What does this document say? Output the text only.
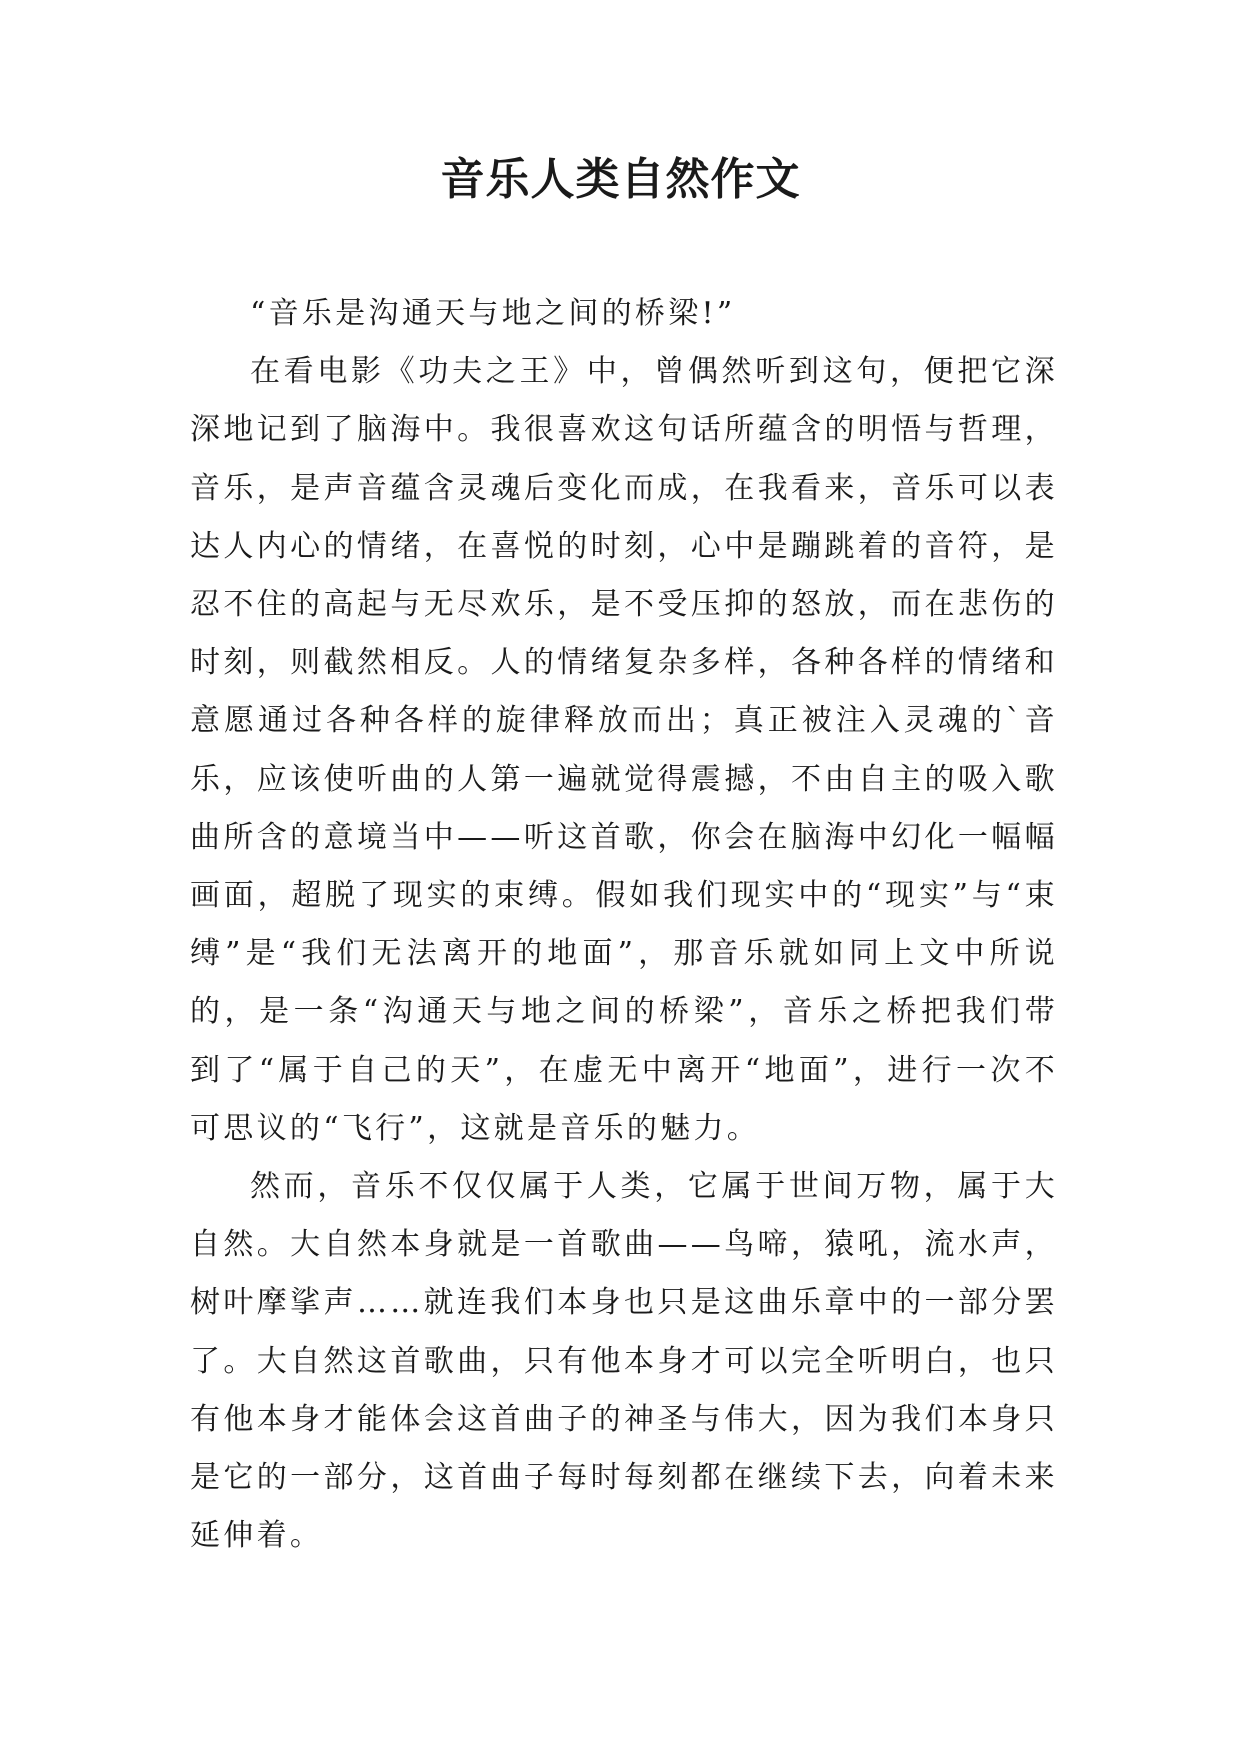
音乐人类自然作文

“音乐是沟通天与地之间的桥梁!”

在看电影《功夫之王》中，曾偶然听到这句，便把它深深地记到了脑海中。我很喜欢这句话所蕴含的明悟与哲理，音乐，是声音蕴含灵魂后变化而成，在我看来，音乐可以表达人内心的情绪，在喜悦的时刻，心中是蹦跳着的音符，是忍不住的高起与无尽欢乐，是不受压抑的怒放，而在悲伤的时刻，则截然相反。人的情绪复杂多样，各种各样的情绪和意愿通过各种各样的旋律释放而出；真正被注入灵魂的`音乐，应该使听曲的人第一遍就觉得震撼，不由自主的吸入歌曲所含的意境当中——听这首歌，你会在脑海中幻化一幅幅画面，超脱了现实的束缚。假如我们现实中的“现实”与“束缚”是“我们无法离开的地面”，那音乐就如同上文中所说的，是一条“沟通天与地之间的桥梁”，音乐之桥把我们带到了“属于自己的天”，在虚无中离开“地面”，进行一次不可思议的“飞行”，这就是音乐的魅力。

然而，音乐不仅仅属于人类，它属于世间万物，属于大自然。大自然本身就是一首歌曲——鸟啼，猿吼，流水声，树叶摩挲声……就连我们本身也只是这曲乐章中的一部分罢了。大自然这首歌曲，只有他本身才可以完全听明白，也只有他本身才能体会这首曲子的神圣与伟大，因为我们本身只是它的一部分，这首曲子每时每刻都在继续下去，向着未来延伸着。
